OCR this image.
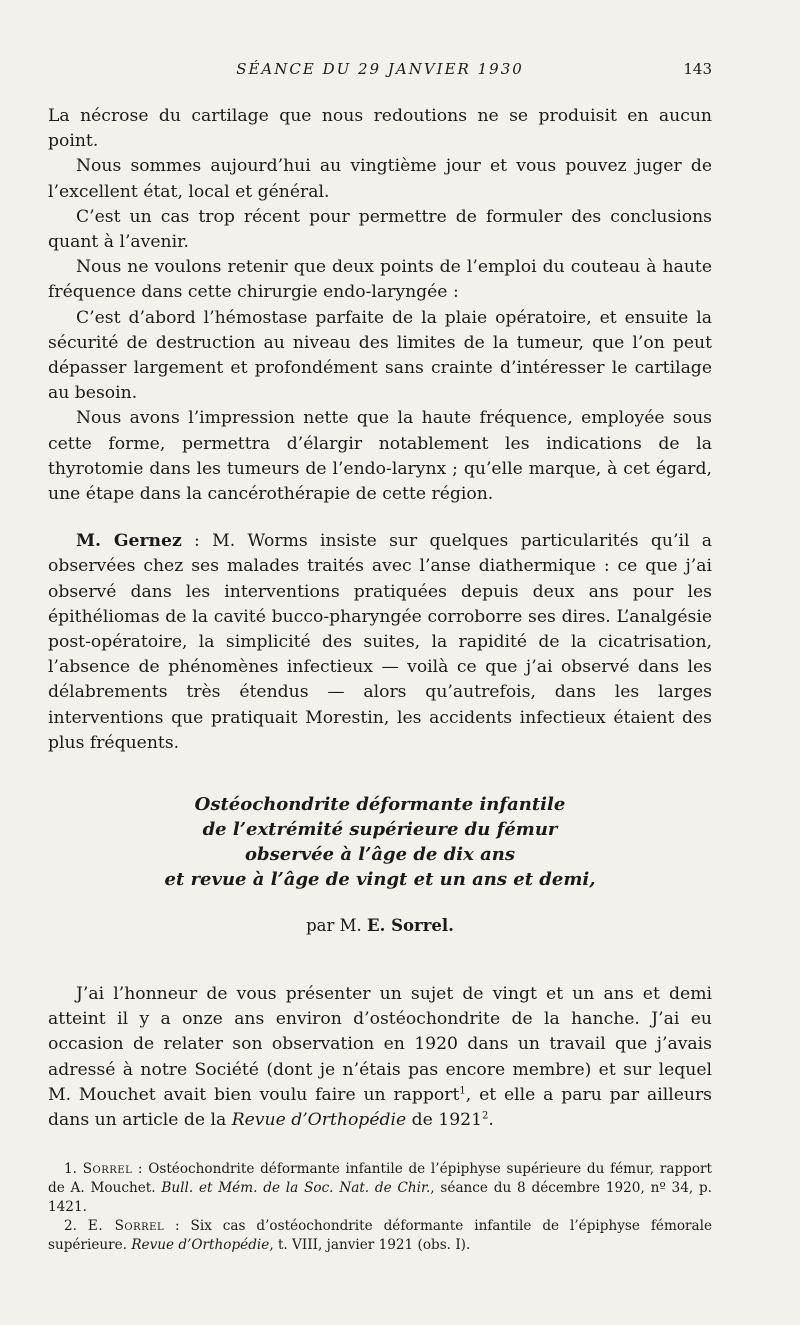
SÉANCE DU 29 JANVIER 1930	143

La nécrose du cartilage que nous redoutions ne se produisit en aucun point.

Nous sommes aujourd’hui au vingtième jour et vous pouvez juger de l’excellent état, local et général.

C’est un cas trop récent pour permettre de formuler des conclusions quant à l’avenir.

Nous ne voulons retenir que deux points de l’emploi du couteau à haute fréquence dans cette chirurgie endo-laryngée :

C’est d’abord l’hémostase parfaite de la plaie opératoire, et ensuite la sécurité de destruction au niveau des limites de la tumeur, que l’on peut dépasser largement et profondément sans crainte d’intéresser le cartilage au besoin.

Nous avons l’impression nette que la haute fréquence, employée sous cette forme, permettra d’élargir notablement les indications de la thyrotomie dans les tumeurs de l’endo-larynx ; qu’elle marque, à cet égard, une étape dans la cancérothérapie de cette région.

M. Gernez : M. Worms insiste sur quelques particularités qu’il a observées chez ses malades traités avec l’anse diathermique : ce que j’ai observé dans les interventions pratiquées depuis deux ans pour les épithéliomas de la cavité bucco-pharyngée corroborre ses dires. L’analgésie post-opératoire, la simplicité des suites, la rapidité de la cicatrisation, l’absence de phénomènes infectieux — voilà ce que j’ai observé dans les délabrements très étendus — alors qu’autrefois, dans les larges interventions que pratiquait Morestin, les accidents infectieux étaient des plus fréquents.

Ostéochondrite déformante infantile
de l’extrémité supérieure du fémur
observée à l’âge de dix ans
et revue à l’âge de vingt et un ans et demi,
par M. E. Sorrel.

J’ai l’honneur de vous présenter un sujet de vingt et un ans et demi atteint il y a onze ans environ d’ostéochondrite de la hanche. J’ai eu occasion de relater son observation en 1920 dans un travail que j’avais adressé à notre Société (dont je n’étais pas encore membre) et sur lequel M. Mouchet avait bien voulu faire un rapport$^1$, et elle a paru par ailleurs dans un article de la Revue d’Orthopédie de 1921$^2$.

1. Sorrel : Ostéochondrite déformante infantile de l’épiphyse supérieure du fémur, rapport de A. Mouchet. Bull. et Mém. de la Soc. Nat. de Chir., séance du 8 décembre 1920, nº 34, p. 1421.

2. E. Sorrel : Six cas d’ostéochondrite déformante infantile de l’épiphyse fémorale supérieure. Revue d’Orthopédie, t. VIII, janvier 1921 (obs. I).
